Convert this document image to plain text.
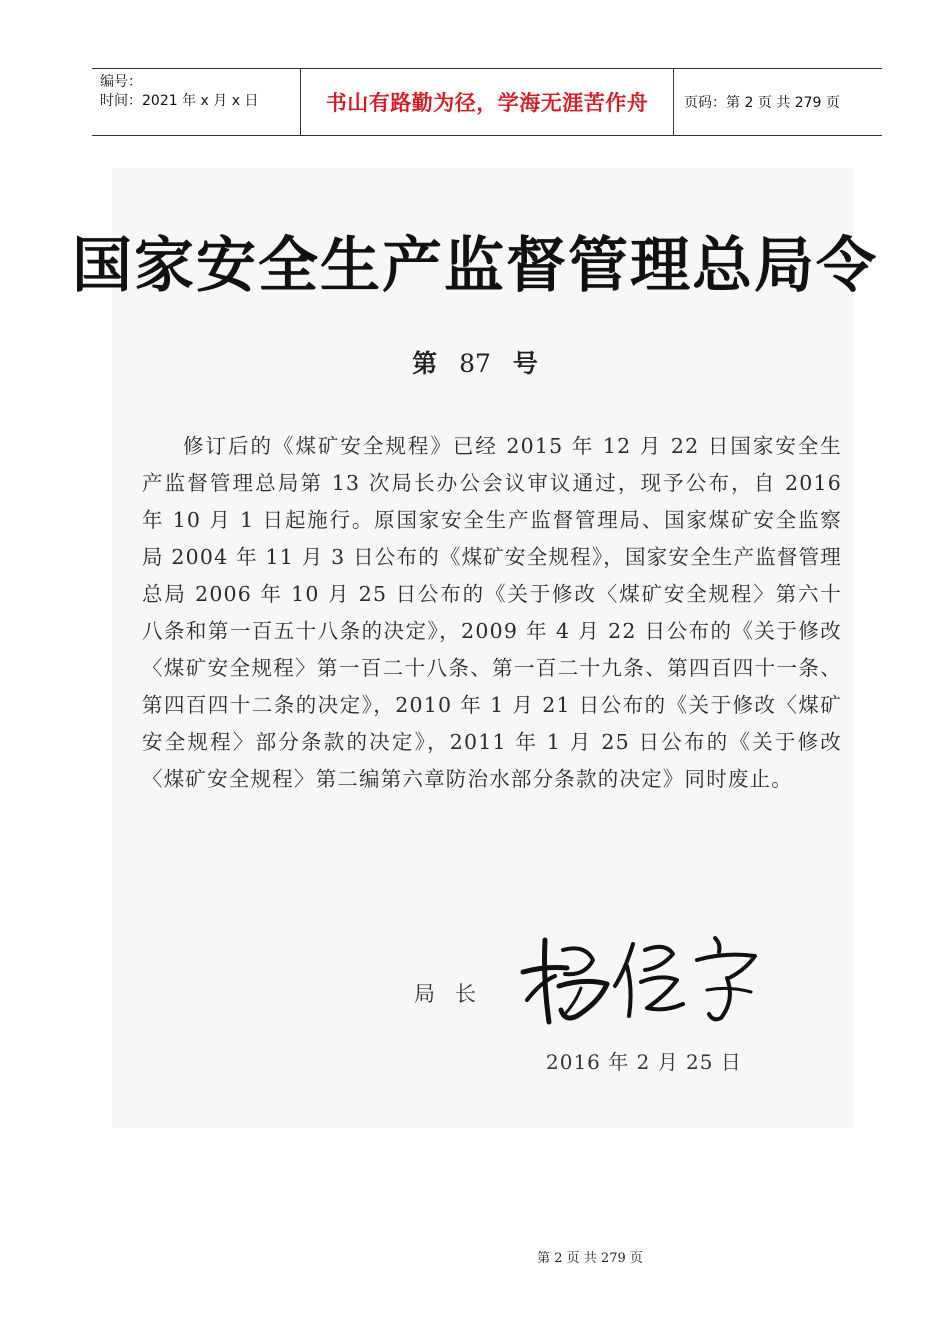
编号：
时间：2021 年 x 月 x 日	书山有路勤为径，学海无涯苦作舟	页码：第 2 页 共 279 页
国家安全生产监督管理总局令
第 87 号
修订后的《煤矿安全规程》已经 2015 年 12 月 22 日国家安全生产监督管理总局第 13 次局长办公会议审议通过，现予公布，自 2016 年 10 月 1 日起施行。原国家安全生产监督管理局、国家煤矿安全监察局 2004 年 11 月 3 日公布的《煤矿安全规程》，国家安全生产监督管理总局 2006 年 10 月 25 日公布的《关于修改〈煤矿安全规程〉第六十八条和第一百五十八条的决定》，2009 年 4 月 22 日公布的《关于修改〈煤矿安全规程〉第一百二十八条、第一百二十九条、第四百四十一条、第四百四十二条的决定》，2010 年 1 月 21 日公布的《关于修改〈煤矿安全规程〉部分条款的决定》，2011 年 1 月 25 日公布的《关于修改〈煤矿安全规程〉第二编第六章防治水部分条款的决定》同时废止。
局长
2016 年 2 月 25 日
第 2 页 共 279 页
